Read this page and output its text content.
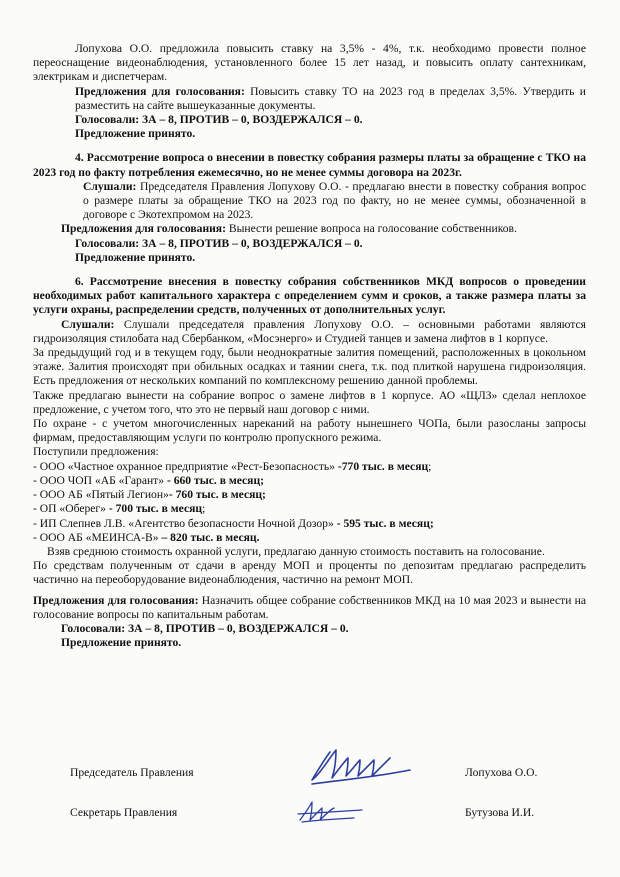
Лопухова О.О. предложила повысить ставку на 3,5% - 4%, т.к. необходимо провести полное переоснащение видеонаблюдения, установленного более 15 лет назад, и повысить оплату сантехникам, электрикам и диспетчерам.

Предложения для голосования: Повысить ставку ТО на 2023 год в пределах 3,5%. Утвердить и разместить на сайте вышеуказанные документы.

Голосовали: ЗА – 8, ПРОТИВ – 0, ВОЗДЕРЖАЛСЯ – 0.

Предложение принято.

4. Рассмотрение вопроса о внесении в повестку собрания размеры платы за обращение с ТКО на 2023 год по факту потребления ежемесячно, но не менее суммы договора на 2023г.

Слушали: Председателя Правления Лопухову О.О. - предлагаю внести в повестку собрания вопрос о размере платы за обращение ТКО на 2023 год по факту, но не менее суммы, обозначенной в договоре с Экотехпромом на 2023.

Предложения для голосования: Вынести решение вопроса на голосование собственников.

Голосовали: ЗА – 8, ПРОТИВ – 0, ВОЗДЕРЖАЛСЯ – 0.

Предложение принято.

6. Рассмотрение внесения в повестку собрания собственников МКД вопросов о проведении необходимых работ капитального характера с определением сумм и сроков, а также размера платы за услуги охраны, распределении средств, полученных от дополнительных услуг.

Слушали: Слушали председателя правления Лопухову О.О. – основными работами являются гидроизоляция стилобата над Сбербанком, «Мосэнерго» и Студией танцев и замена лифтов в 1 корпусе.

За предыдущий год и в текущем году, были неоднократные залития помещений, расположенных в цокольном этаже. Залития происходят при обильных осадках и таянии снега, т.к. под плиткой нарушена гидроизоляция. Есть предложения от нескольких компаний по комплексному решению данной проблемы.

Также предлагаю вынести на собрание вопрос о замене лифтов в 1 корпусе. АО «ЩЛЗ» сделал неплохое предложение, с учетом того, что это не первый наш договор с ними.

По охране - с учетом многочисленных нареканий на работу нынешнего ЧОПа, были разосланы запросы фирмам, предоставляющим услуги по контролю пропускного режима.

Поступили предложения:

- ООО «Частное охранное предприятие «Рест-Безопасность» -770 тыс. в месяц;

- ООО ЧОП «АБ «Гарант» - 660 тыс. в месяц;

- ООО АБ «Пятый Легион»- 760 тыс. в месяц;

- ОП «Оберег» - 700 тыс. в месяц;

- ИП Слепнев Л.В. «Агентство безопасности Ночной Дозор» - 595 тыс. в месяц;

- ООО АБ «МЕИНСА-В» – 820 тыс. в месяц.

Взяв среднюю стоимость охранной услуги, предлагаю данную стоимость поставить на голосование.

По средствам полученным от сдачи в аренду МОП и проценты по депозитам предлагаю распределить частично на переоборудование видеонаблюдения, частично на ремонт МОП.

Предложения для голосования: Назначить общее собрание собственников МКД на 10 мая 2023 и вынести на голосование вопросы по капитальным работам.

Голосовали: ЗА – 8, ПРОТИВ – 0, ВОЗДЕРЖАЛСЯ – 0.

Предложение принято.

Председатель Правления	Лопухова О.О.
Секретарь Правления	Бутузова И.И.
